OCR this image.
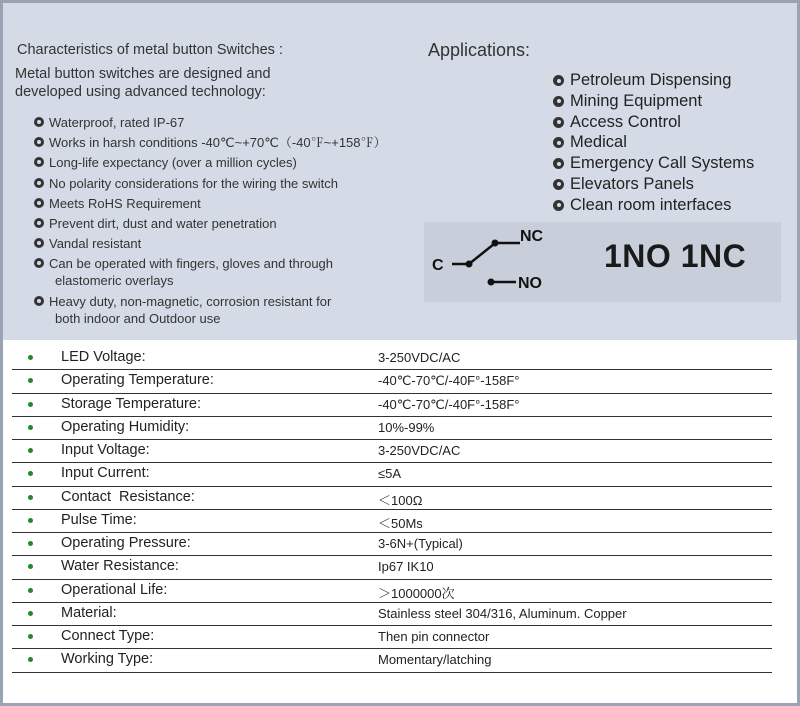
Characteristics of metal button Switches :
Metal button switches are designed and
developed using advanced technology:
Waterproof, rated IP-67
Works in harsh conditions -40℃~+70℃（-40℉~+158℉）
Long-life expectancy (over a million cycles)
No polarity considerations for the wiring the switch
Meets RoHS Requirement
Prevent dirt, dust and water penetration
Vandal resistant
Can be operated with fingers, gloves and through
elastomeric overlays
Heavy duty, non-magnetic, corrosion resistant for
both indoor and Outdoor use
Applications:
Petroleum Dispensing
Mining Equipment
Access Control
Medical
Emergency Call Systems
Elevators Panels
Clean room interfaces
C
NC
NO
1NO 1NC
LED Voltage:	3-250VDC/AC
Operating Temperature:	-40℃-70℃/-40F°-158F°
Storage Temperature:	-40℃-70℃/-40F°-158F°
Operating Humidity:	10%-99%
Input Voltage:	3-250VDC/AC
Input Current:	≤5A
Contact  Resistance:	＜100Ω
Pulse Time:	＜50Ms
Operating Pressure:	3-6N+(Typical)
Water Resistance:	Ip67 IK10
Operational Life:	＞1000000次
Material:	Stainless steel 304/316, Aluminum. Copper
Connect Type:	Then pin connector
Working Type:	Momentary/latching
